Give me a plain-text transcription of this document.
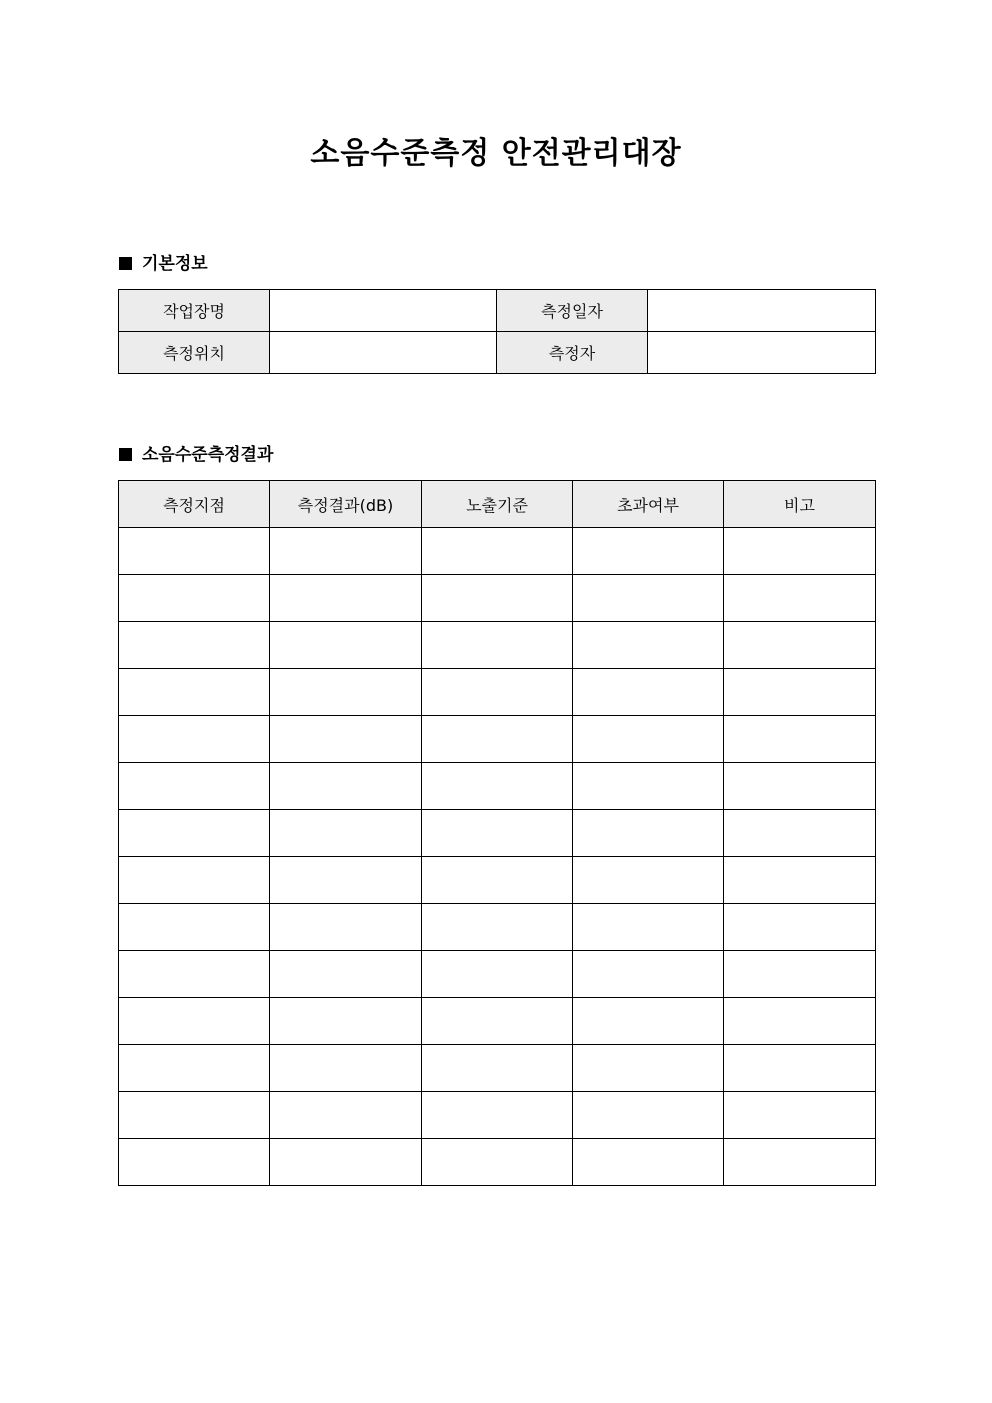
소음수준측정 안전관리대장
기본정보
작업장명		측정일자	
측정위치		측정자	
소음수준측정결과
측정지점	측정결과(dB)	노출기준	초과여부	비고
